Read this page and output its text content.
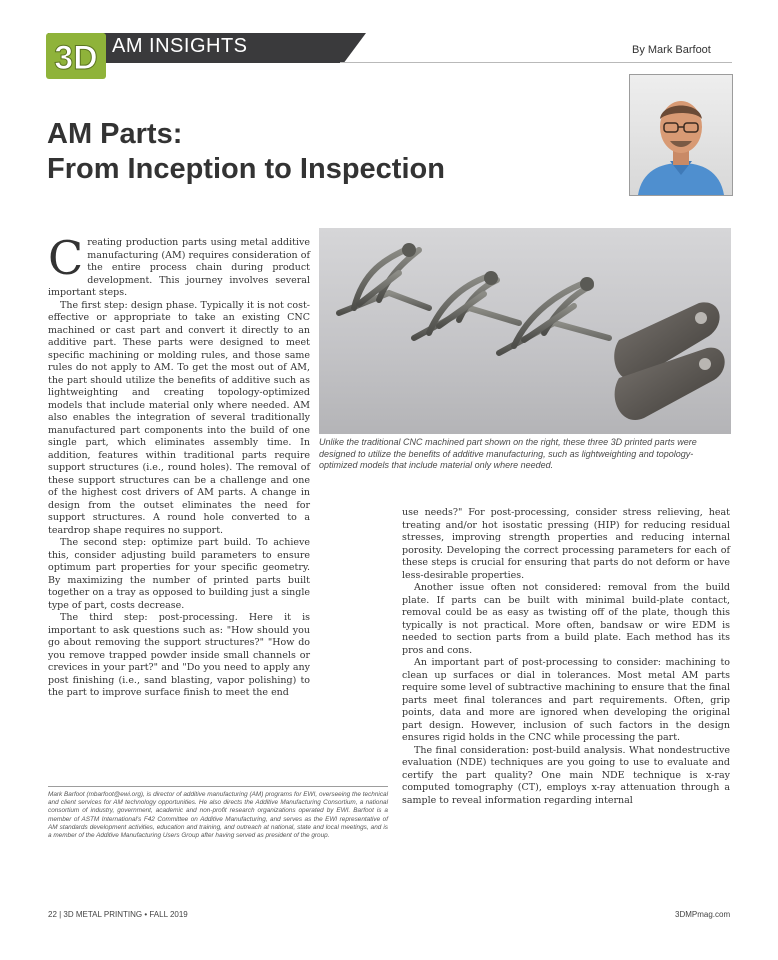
3D AM INSIGHTS	By Mark Barfoot
AM Parts:
From Inception to Inspection

Unlike the traditional CNC machined part shown on the right, these three 3D printed parts were designed to utilize the benefits of additive manufacturing, such as lightweighting and topology-optimized models that include material only where needed.

C reating production parts using metal additive manufacturing (AM) requires consideration of the entire process chain during product development. This journey involves several important steps.

The first step: design phase. Typically it is not cost-effective or appropriate to take an existing CNC machined or cast part and convert it directly to an additive part. These parts were designed to meet specific machining or molding rules, and those same rules do not apply to AM. To get the most out of AM, the part should utilize the benefits of additive such as lightweighting and creating topology-optimized models that include material only where needed. AM also enables the integration of several traditionally manufactured part components into the build of one single part, which eliminates assembly time. In addition, features within traditional parts require support structures (i.e., round holes). The removal of these support structures can be a challenge and one of the highest cost drivers of AM parts. A change in design from the outset eliminates the need for support structures. A round hole converted to a teardrop shape requires no support.

The second step: optimize part build. To achieve this, consider adjusting build parameters to ensure optimum part properties for your specific geometry. By maximizing the number of printed parts built together on a tray as opposed to building just a single type of part, costs decrease.

The third step: post-processing. Here it is important to ask questions such as: "How should you go about removing the support structures?" "How do you remove trapped powder inside small channels or crevices in your part?" and "Do you need to apply any post finishing (i.e., sand blasting, vapor polishing) to the part to improve surface finish to meet the end

use needs?" For post-processing, consider stress relieving, heat treating and/or hot isostatic pressing (HIP) for reducing residual stresses, improving strength properties and reducing internal porosity. Developing the correct processing parameters for each of these steps is crucial for ensuring that parts do not deform or have less-desirable properties.

Another issue often not considered: removal from the build plate. If parts can be built with minimal build-plate contact, removal could be as easy as twisting off of the plate, though this typically is not practical. More often, bandsaw or wire EDM is needed to section parts from a build plate. Each method has its pros and cons.

An important part of post-processing to consider: machining to clean up surfaces or dial in tolerances. Most metal AM parts require some level of subtractive machining to ensure that the final parts meet final tolerances and part requirements. Often, grip points, data and more are ignored when developing the original part design. However, inclusion of such factors in the design ensures rigid holds in the CNC while processing the part.

The final consideration: post-build analysis. What nondestructive evaluation (NDE) techniques are you going to use to evaluate and certify the part quality? One main NDE technique is x-ray computed tomography (CT), employs x-ray attenuation through a sample to reveal information regarding internal

Mark Barfoot (mbarfoot@ewi.org), is director of additive manufacturing (AM) programs for EWI, overseeing the technical and client services for AM technology opportunities. He also directs the Additive Manufacturing Consortium, a national consortium of industry, government, academic and non-profit research organizations operated by EWI. Barfoot is a member of ASTM International's F42 Committee on Additive Manufacturing, and serves as the EWI representative of AM standards development activities, education and training, and outreach at national, state and local meetings, and is a member of the Additive Manufacturing Users Group after having served as president of the group.

22 | 3D METAL PRINTING • FALL 2019	3DMPmag.com
